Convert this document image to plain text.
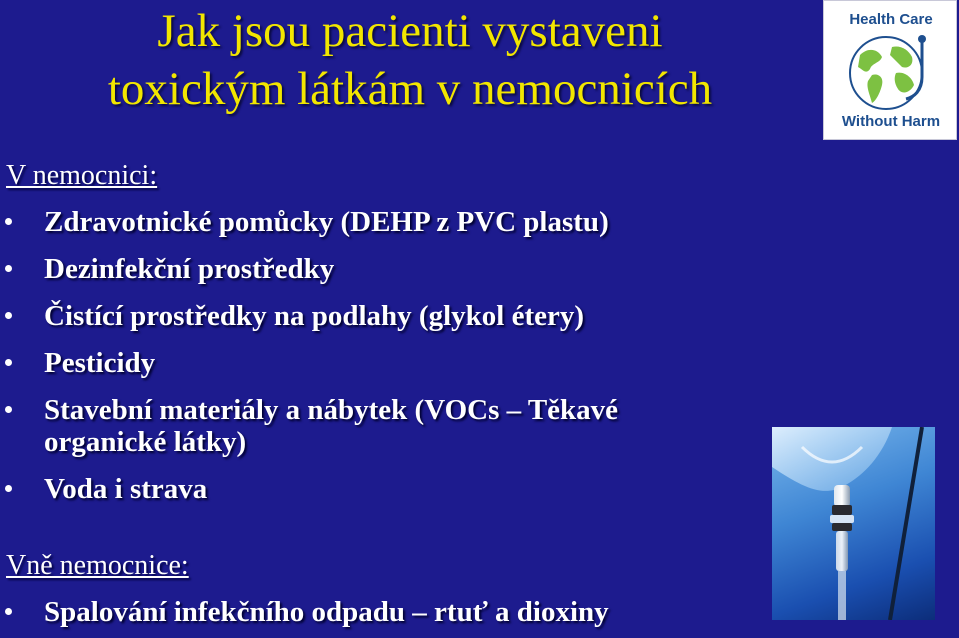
Jak jsou pacienti vystaveni
toxickým látkám v nemocnicích
V nemocnici:
Zdravotnické pomůcky (DEHP z PVC plastu)
Dezinfekční prostředky
Čistící prostředky na podlahy (glykol étery)
Pesticidy
Stavební materiály a nábytek (VOCs – Těkavé organické látky)
Voda i strava
Vně nemocnice:
Spalování infekčního odpadu – rtuť a dioxiny
Health Care
Without Harm
